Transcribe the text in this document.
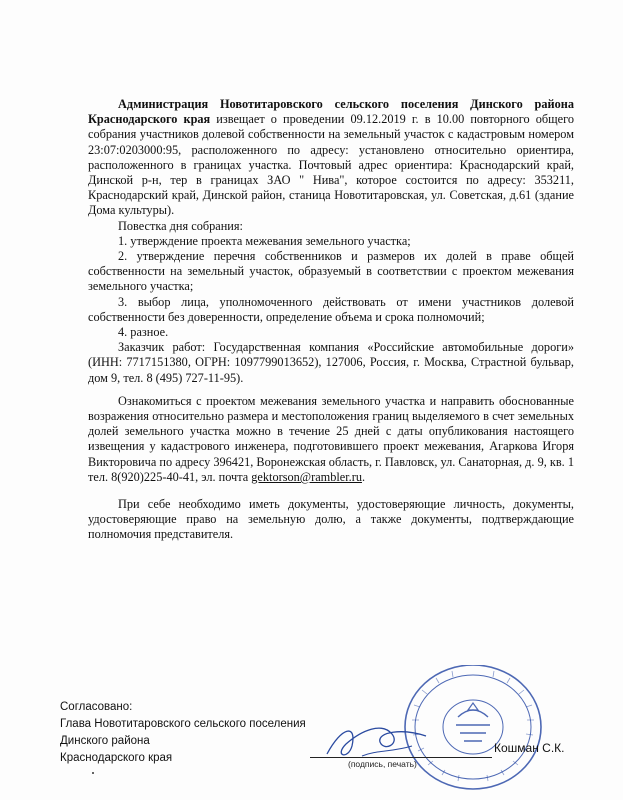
Администрация Новотитаровского сельского поселения Динского района Краснодарского края извещает о проведении 09.12.2019 г. в 10.00 повторного общего собрания участников долевой собственности на земельный участок с кадастровым номером 23:07:0203000:95, расположенного по адресу: установлено относительно ориентира, расположенного в границах участка. Почтовый адрес ориентира: Краснодарский край, Динской р-н, тер в границах ЗАО " Нива", которое состоится по адресу: 353211, Краснодарский край, Динской район, станица Новотитаровская, ул. Советская, д.61 (здание Дома культуры).

Повестка дня собрания:

1. утверждение проекта межевания земельного участка;

2. утверждение перечня собственников и размеров их долей в праве общей собственности на земельный участок, образуемый в соответствии с проектом межевания земельного участка;

3. выбор лица, уполномоченного действовать от имени участников долевой собственности без доверенности, определение объема и срока полномочий;

4. разное.

Заказчик работ: Государственная компания «Российские автомобильные дороги» (ИНН: 7717151380, ОГРН: 1097799013652), 127006, Россия, г. Москва, Страстной бульвар, дом 9, тел. 8 (495) 727-11-95).

Ознакомиться с проектом межевания земельного участка и направить обоснованные возражения относительно размера и местоположения границ выделяемого в счет земельных долей земельного участка можно в течение 25 дней с даты опубликования настоящего извещения у кадастрового инженера, подготовившего проект межевания, Агаркова Игоря Викторовича по адресу 396421, Воронежская область, г. Павловск, ул. Санаторная, д. 9, кв. 1 тел. 8(920)225-40-41, эл. почта gektorson@rambler.ru.

При себе необходимо иметь документы, удостоверяющие личность, документы, удостоверяющие право на земельную долю, а также документы, подтверждающие полномочия представителя.

Согласовано:
Глава Новотитаровского сельского поселения
Динского района
Краснодарского края	(подпись, печать)
Кошман С.К.
